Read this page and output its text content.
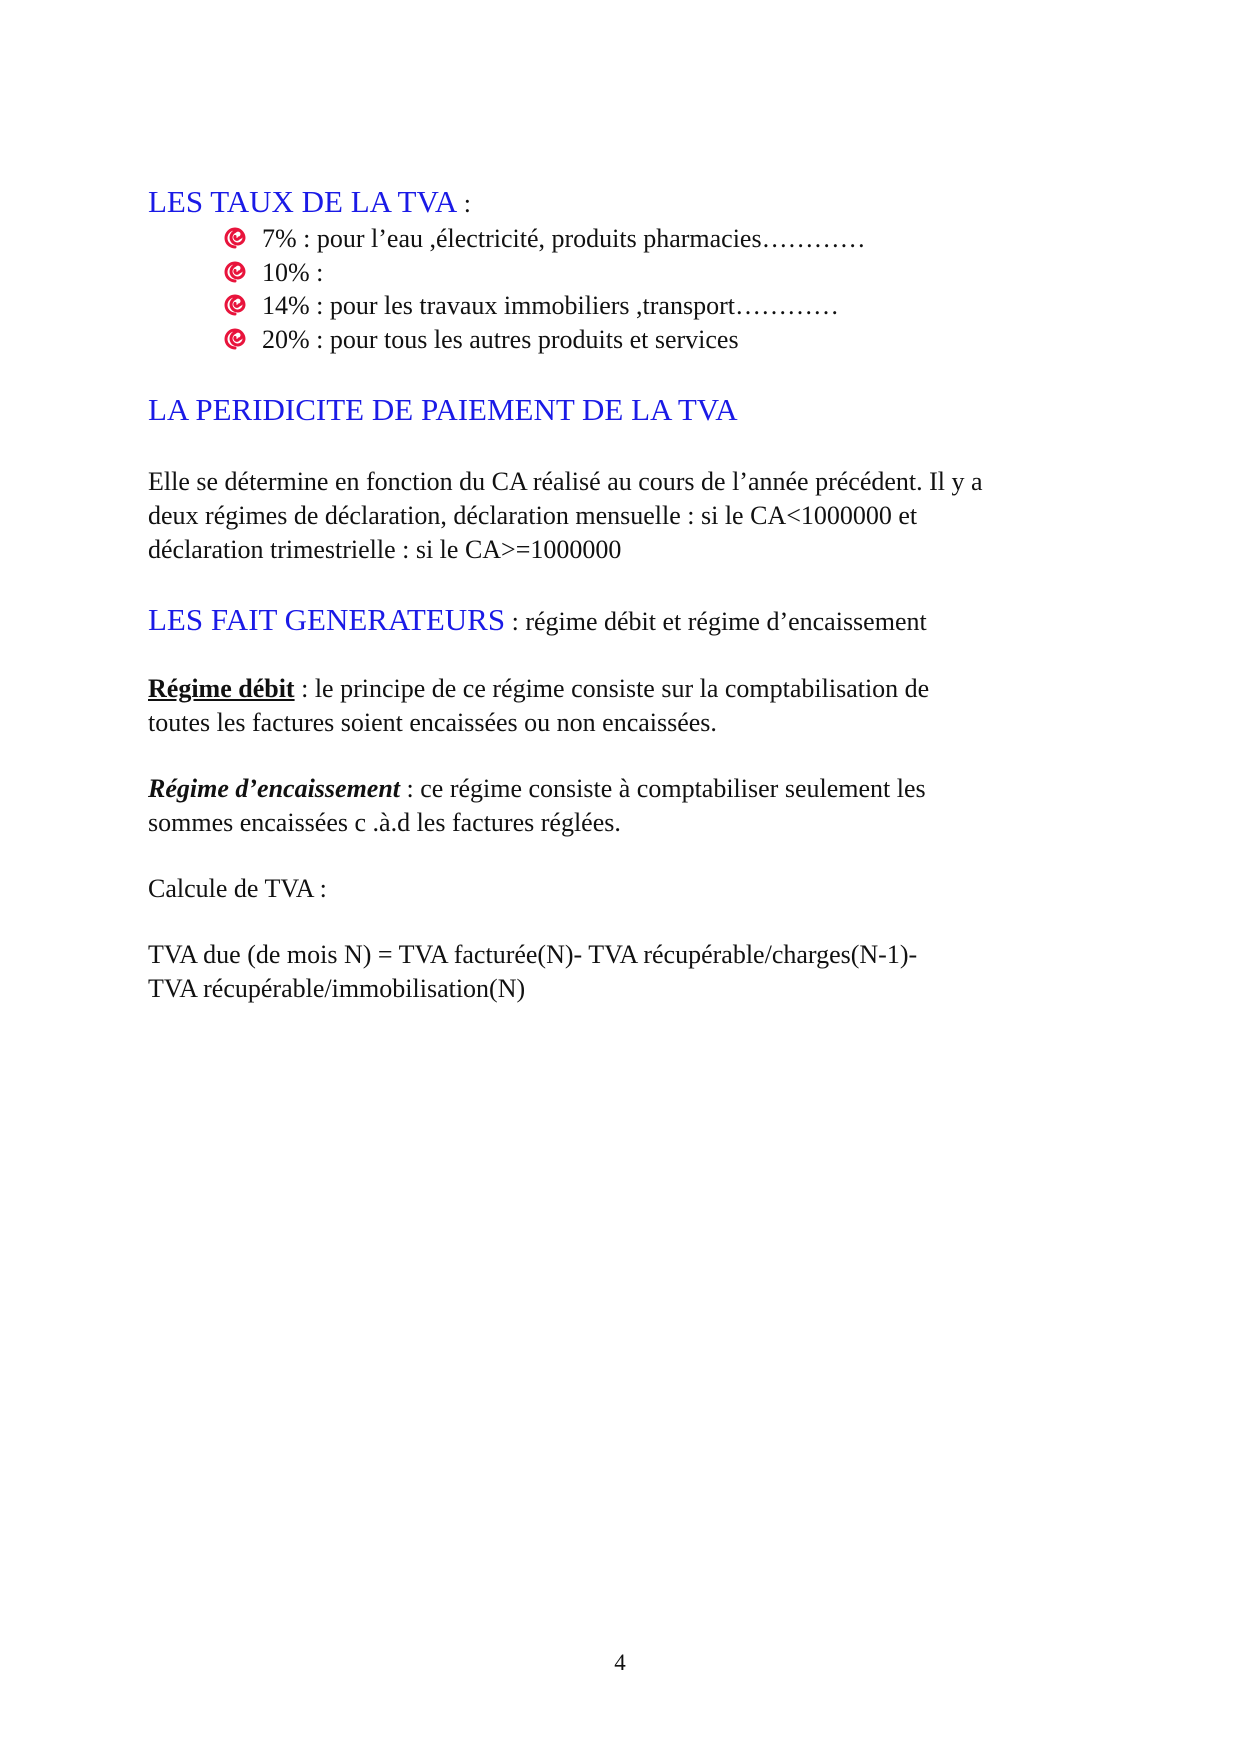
LES TAUX DE LA TVA :
7% : pour l’eau ,électricité, produits pharmacies…………
10% :
14% : pour les travaux immobiliers ,transport…………
20% : pour tous les autres produits et services
LA PERIDICITE DE PAIEMENT DE LA TVA

Elle se détermine en fonction du CA réalisé au cours de l’année précédent. Il y a
deux régimes de déclaration, déclaration mensuelle : si le CA<1000000 et
déclaration trimestrielle : si le CA>=1000000

LES FAIT GENERATEURS : régime débit et régime d’encaissement

Régime débit : le principe de ce régime consiste sur la comptabilisation de
toutes les factures soient encaissées ou non encaissées.

Régime d’encaissement : ce régime consiste à comptabiliser seulement les
sommes encaissées c .à.d les factures réglées.

Calcule de TVA :

TVA due (de mois N) = TVA facturée(N)- TVA récupérable/charges(N-1)-
TVA récupérable/immobilisation(N)

4
